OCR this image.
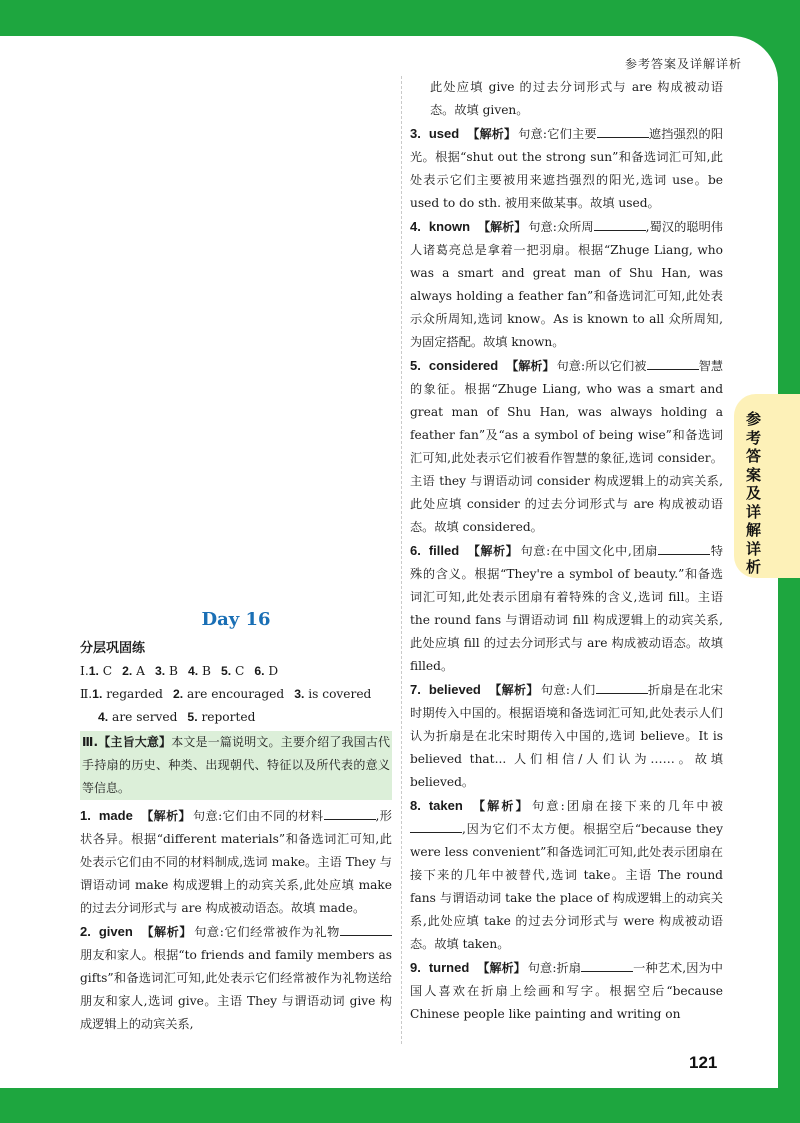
参考答案及详解详析
参考答案及详解详析
Day 16
分层巩固练
Ⅰ.1. C 2. A 3. B 4. B 5. C 6. D
Ⅱ.1. regarded 2. are encouraged 3. is covered
4. are served 5. reported
Ⅲ.【主旨大意】本文是一篇说明文。主要介绍了我国古代手持扇的历史、种类、出现朝代、特征以及所代表的意义等信息。
1. made 【解析】 句意:它们由不同的材料	,形状各异。根据“different materials”和备选词汇可知,此处表示它们由不同的材料制成,选词 make。主语 They 与谓语动词 make 构成逻辑上的动宾关系,此处应填 make 的过去分词形式与 are 构成被动语态。故填 made。
2. given 【解析】 句意:它们经常被作为礼物朋友和家人。根据“to friends and family members as gifts”和备选词汇可知,此处表示它们经常被作为礼物送给朋友和家人,选词 give。主语 They 与谓语动词 give 构成逻辑上的动宾关系,
此处应填 give 的过去分词形式与 are 构成被动语态。故填 given。
3. used 【解析】 句意:它们主要	遮挡强烈的阳光。根据“shut out the strong sun”和备选词汇可知,此处表示它们主要被用来遮挡强烈的阳光,选词 use。be used to do sth. 被用来做某事。故填 used。
4. known 【解析】 句意:众所周	,蜀汉的聪明伟人诸葛亮总是拿着一把羽扇。根据“Zhuge Liang, who was a smart and great man of Shu Han, was always holding a feather fan”和备选词汇可知,此处表示众所周知,选词 know。As is known to all 众所周知,为固定搭配。故填 known。
5. considered 【解析】 句意:所以它们被	智慧的象征。根据“Zhuge Liang, who was a smart and great man of Shu Han, was always holding a feather fan”及“as a symbol of being wise”和备选词汇可知,此处表示它们被看作智慧的象征,选词 consider。主语 they 与谓语动词 consider 构成逻辑上的动宾关系,此处应填 consider 的过去分词形式与 are 构成被动语态。故填 considered。
6. filled 【解析】 句意:在中国文化中,团扇	特殊的含义。根据“They're a symbol of beauty.”和备选词汇可知,此处表示团扇有着特殊的含义,选词 fill。主语 the round fans 与谓语动词 fill 构成逻辑上的动宾关系,此处应填 fill 的过去分词形式与 are 构成被动语态。故填 filled。
7. believed 【解析】 句意:人们	折扇是在北宋时期传入中国的。根据语境和备选词汇可知,此处表示人们认为折扇是在北宋时期传入中国的,选词 believe。It is believed that... 人们相信/人们认为……。故填 believed。
8. taken 【解析】 句意:团扇在接下来的几年中被,因为它们不太方便。根据空后“because they were less convenient”和备选词汇可知,此处表示团扇在接下来的几年中被替代,选词 take。主语 The round fans 与谓语动词 take the place of 构成逻辑上的动宾关系,此处应填 take 的过去分词形式与 were 构成被动语态。故填 taken。
9. turned 【解析】 句意:折扇	一种艺术,因为中国人喜欢在折扇上绘画和写字。根据空后“because Chinese people like painting and writing on
121
